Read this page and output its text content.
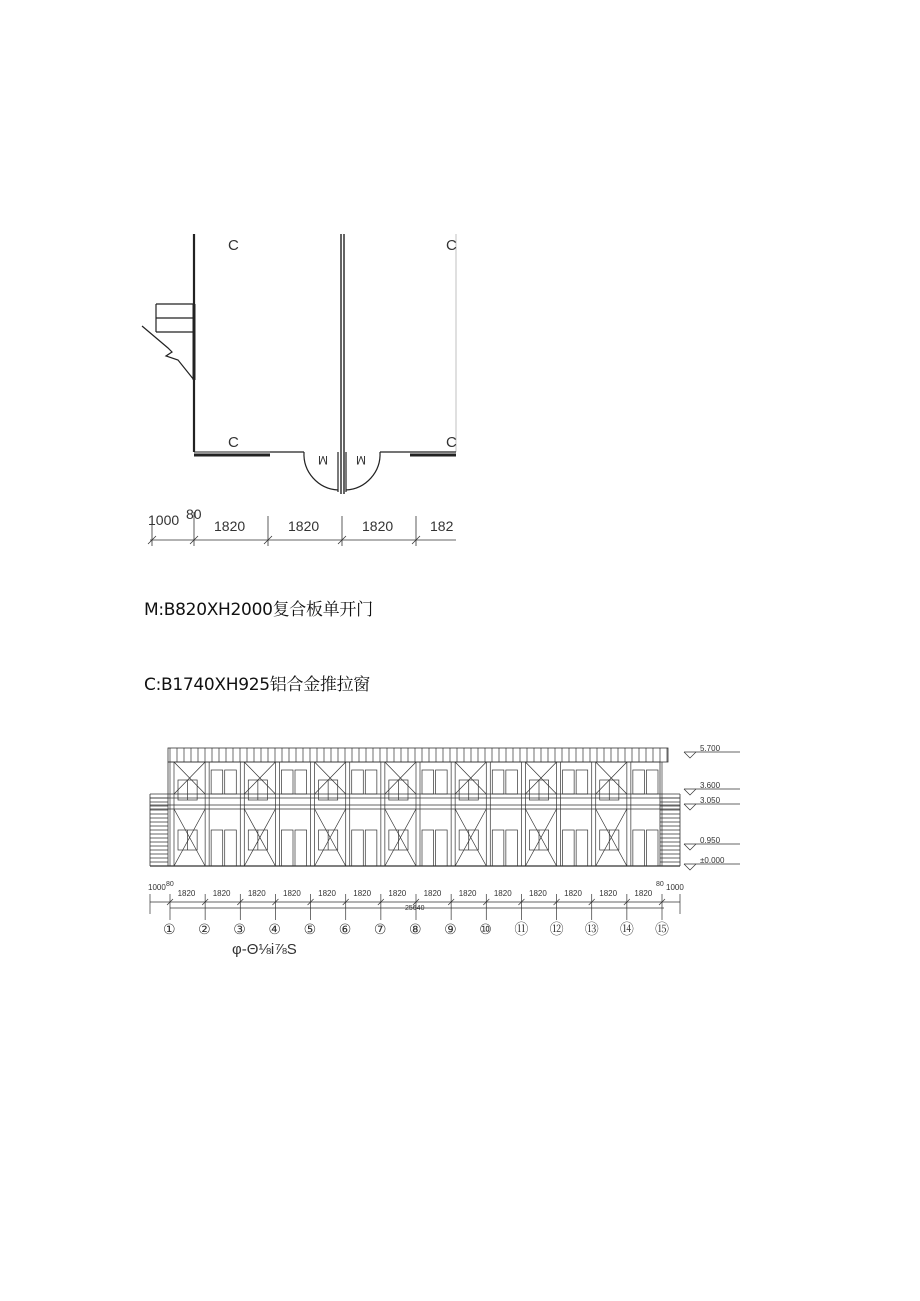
C	C
C	C
M M
1000 80
1820	1820	1820	182
M:B820XH2000复合板单开门
C:B1740XH925铝合金推拉窗
5.700
3.600
3.050
0.950
±0.000
1000 80
1820 1820 1820 1820 1820 1820 1820 1820 1820 1820 1820 1820 1820 1820
80 1000
25640
① ② ③ ④ ⑤ ⑥ ⑦ ⑧ ⑨ ⑩ ⑪ ⑫ ⑬ ⑭ ⑮
φ-Θ⅛i⅞S
